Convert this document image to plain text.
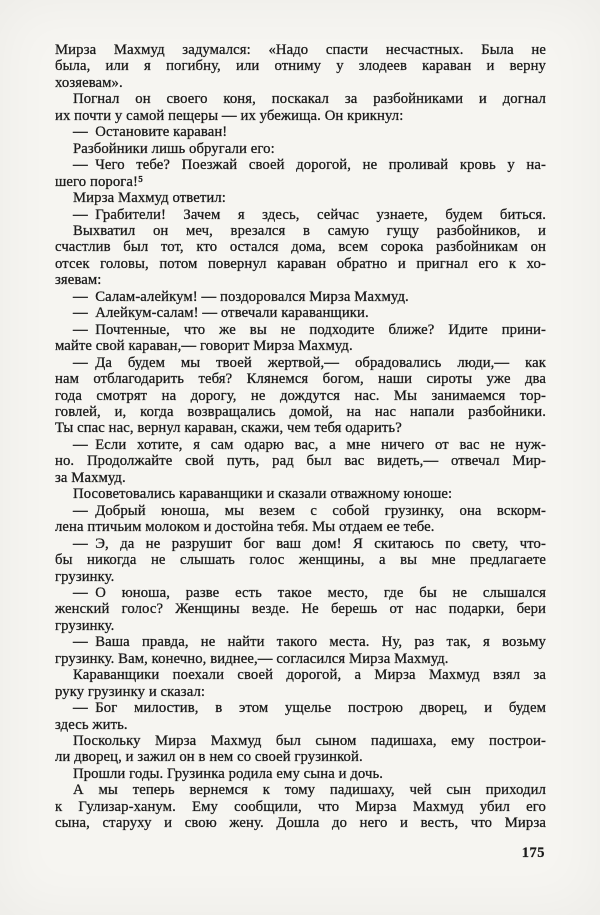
Мирза Махмуд задумался: «Надо спасти несчастных. Была не
была, или я погибну, или отниму у злодеев караван и верну
хозяевам».
Погнал он своего коня, поскакал за разбойниками и догнал
их почти у самой пещеры — их убежища. Он крикнул:
— Остановите караван!
Разбойники лишь обругали его:
— Чего тебе? Поезжай своей дорогой, не проливай кровь у на-
шего порога!⁵
Мирза Махмуд ответил:
— Грабители! Зачем я здесь, сейчас узнаете, будем биться.
Выхватил он меч, врезался в самую гущу разбойников, и
счастлив был тот, кто остался дома, всем сорока разбойникам он
отсек головы, потом повернул караван обратно и пригнал его к хо-
зяевам:
— Салам-алейкум! — поздоровался Мирза Махмуд.
— Алейкум-салам! — отвечали караванщики.
— Почтенные, что же вы не подходите ближе? Идите прини-
майте свой караван,— говорит Мирза Махмуд.
— Да будем мы твоей жертвой,— обрадовались люди,— как
нам отблагодарить тебя? Клянемся богом, наши сироты уже два
года смотрят на дорогу, не дождутся нас. Мы занимаемся тор-
говлей, и, когда возвращались домой, на нас напали разбойники.
Ты спас нас, вернул караван, скажи, чем тебя одарить?
— Если хотите, я сам одарю вас, а мне ничего от вас не нуж-
но. Продолжайте свой путь, рад был вас видеть,— отвечал Мир-
за Махмуд.
Посоветовались караванщики и сказали отважному юноше:
— Добрый юноша, мы везем с собой грузинку, она вскорм-
лена птичьим молоком и достойна тебя. Мы отдаем ее тебе.
— Э, да не разрушит бог ваш дом! Я скитаюсь по свету, что-
бы никогда не слышать голос женщины, а вы мне предлагаете
грузинку.
— О юноша, разве есть такое место, где бы не слышался
женский голос? Женщины везде. Не берешь от нас подарки, бери
грузинку.
— Ваша правда, не найти такого места. Ну, раз так, я возьму
грузинку. Вам, конечно, виднее,— согласился Мирза Махмуд.
Караванщики поехали своей дорогой, а Мирза Махмуд взял за
руку грузинку и сказал:
— Бог милостив, в этом ущелье построю дворец, и будем
здесь жить.
Поскольку Мирза Махмуд был сыном падишаха, ему построи-
ли дворец, и зажил он в нем со своей грузинкой.
Прошли годы. Грузинка родила ему сына и дочь.
А мы теперь вернемся к тому падишаху, чей сын приходил
к Гулизар-ханум. Ему сообщили, что Мирза Махмуд убил его
сына, старуху и свою жену. Дошла до него и весть, что Мирза
175
